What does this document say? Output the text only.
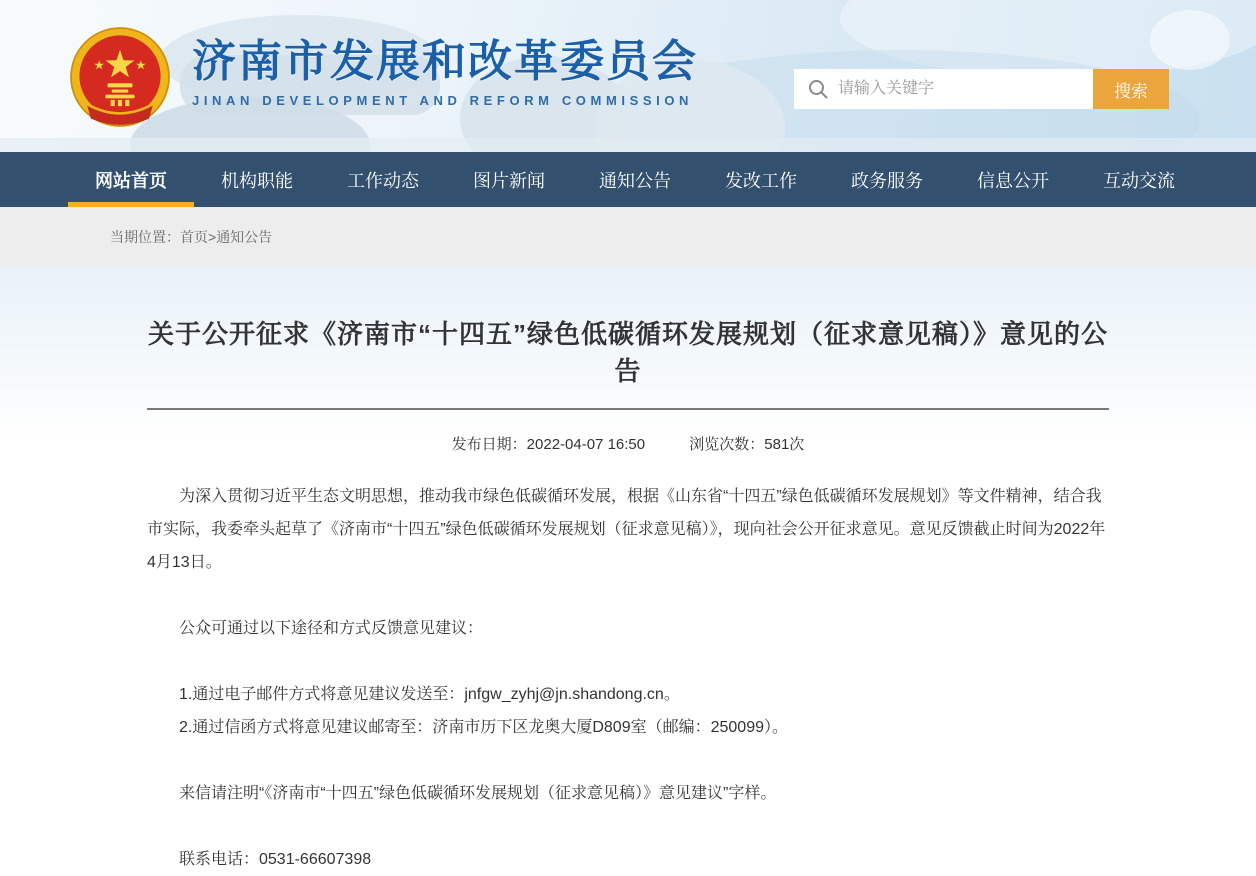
济南市发展和改革委员会
JINAN DEVELOPMENT AND REFORM COMMISSION
请输入关键字
搜索
网站首页	机构职能	工作动态	图片新闻	通知公告	发改工作	政务服务	信息公开	互动交流
当期位置： 首页 > 通知公告
关于公开征求《济南市“十四五”绿色低碳循环发展规划（征求意见稿）》意见的公告
发布日期：2022-04-07 16:50	浏览次数：581次

为深入贯彻习近平生态文明思想，推动我市绿色低碳循环发展，根据《山东省“十四五”绿色低碳循环发展规划》等文件精神，结合我市实际，我委牵头起草了《济南市“十四五”绿色低碳循环发展规划（征求意见稿）》，现向社会公开征求意见。意见反馈截止时间为2022年4月13日。

公众可通过以下途径和方式反馈意见建议：

1.通过电子邮件方式将意见建议发送至：jnfgw_zyhj@jn.shandong.cn。

2.通过信函方式将意见建议邮寄至：济南市历下区龙奥大厦D809室（邮编：250099）。

来信请注明“《济南市“十四五”绿色低碳循环发展规划（征求意见稿）》意见建议”字样。

联系电话：0531-66607398
